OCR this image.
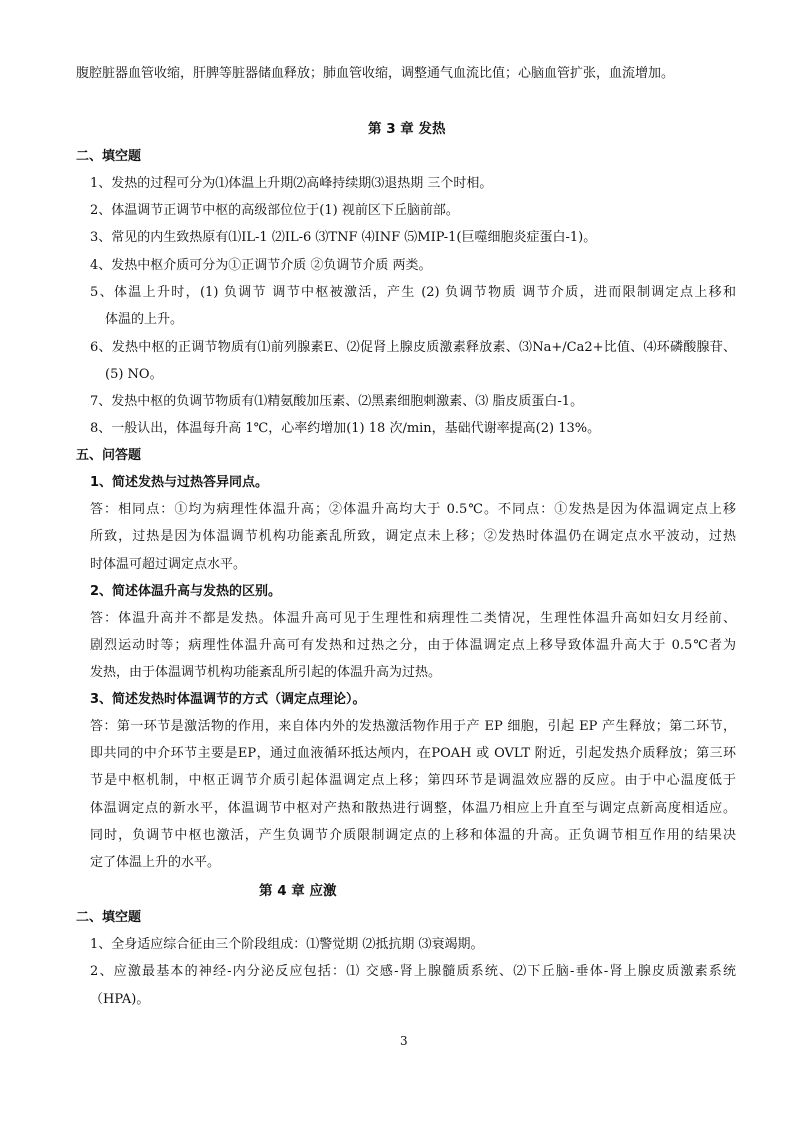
腹腔脏器血管收缩，肝脾等脏器储血释放；肺血管收缩，调整通气血流比值；心脑血管扩张，血流增加。
第 3 章 发热
二、填空题
1、发热的过程可分为⑴体温上升期⑵高峰持续期⑶退热期 三个时相。
2、体温调节正调节中枢的高级部位位于(1) 视前区下丘脑前部。
3、常见的内生致热原有⑴IL-1 ⑵IL-6 ⑶TNF ⑷INF ⑸MIP-1(巨噬细胞炎症蛋白-1)。
4、发热中枢介质可分为①正调节介质 ②负调节介质 两类。
5、体温上升时，(1) 负调节 调节中枢被激活，产生 (2) 负调节物质 调节介质，进而限制调定点上移和
体温的上升。
6、发热中枢的正调节物质有⑴前列腺素E、⑵促肾上腺皮质激素释放素、⑶Na+/Ca2+比值、⑷环磷酸腺苷、
(5) NO。
7、发热中枢的负调节物质有⑴精氨酸加压素、⑵黑素细胞刺激素、⑶ 脂皮质蛋白-1。
8、一般认出，体温每升高 1℃，心率约增加(1) 18 次/min，基础代谢率提高(2) 13%。
五、问答题
1、简述发热与过热答异同点。
答：相同点：①均为病理性体温升高；②体温升高均大于 0.5℃。不同点：①发热是因为体温调定点上移
所致，过热是因为体温调节机构功能紊乱所致，调定点未上移；②发热时体温仍在调定点水平波动，过热
时体温可超过调定点水平。
2、简述体温升高与发热的区别。
答：体温升高并不都是发热。体温升高可见于生理性和病理性二类情况，生理性体温升高如妇女月经前、
剧烈运动时等；病理性体温升高可有发热和过热之分，由于体温调定点上移导致体温升高大于 0.5℃者为
发热，由于体温调节机构功能紊乱所引起的体温升高为过热。
3、简述发热时体温调节的方式（调定点理论）。
答：第一环节是激活物的作用，来自体内外的发热激活物作用于产 EP 细胞，引起 EP 产生释放；第二环节，
即共同的中介环节主要是EP，通过血液循环抵达颅内，在POAH 或 OVLT 附近，引起发热介质释放；第三环
节是中枢机制，中枢正调节介质引起体温调定点上移；第四环节是调温效应器的反应。由于中心温度低于
体温调定点的新水平，体温调节中枢对产热和散热进行调整，体温乃相应上升直至与调定点新高度相适应。
同时，负调节中枢也激活，产生负调节介质限制调定点的上移和体温的升高。正负调节相互作用的结果决
定了体温上升的水平。
第 4 章 应激
二、填空题
1、全身适应综合征由三个阶段组成：⑴警觉期 ⑵抵抗期 ⑶衰竭期。
2、应激最基本的神经-内分泌反应包括：⑴ 交感-肾上腺髓质系统、⑵下丘脑-垂体-肾上腺皮质激素系统
（HPA)。
3
